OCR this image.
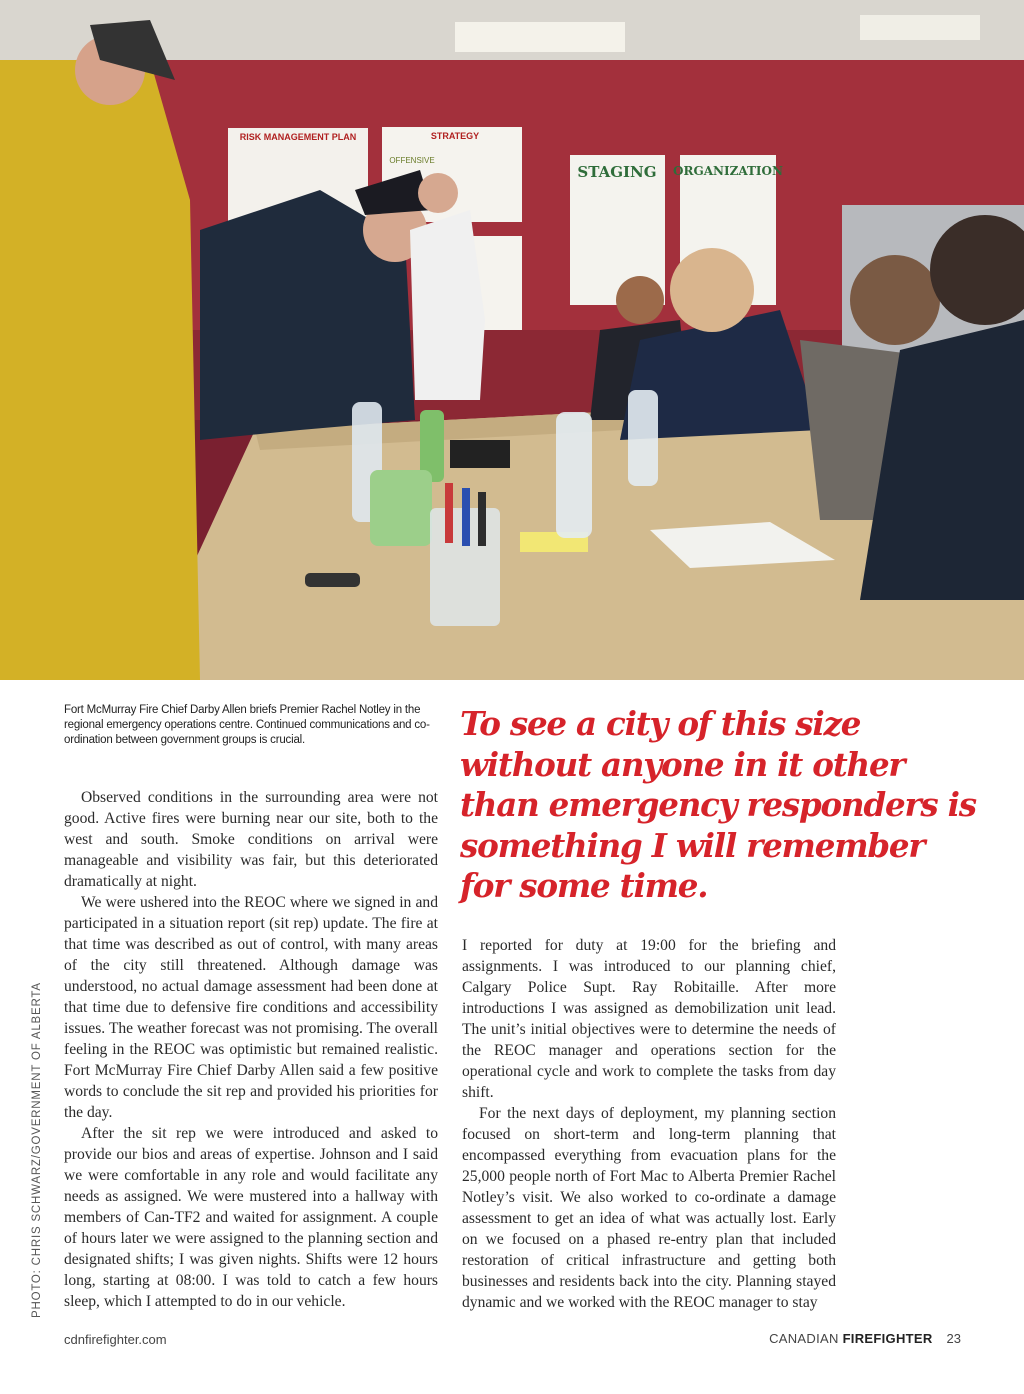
RISK MANAGEMENT PLAN	STRATEGY
OFFENSIVE
STAGING ORGANIZATION
Fort McMurray Fire Chief Darby Allen briefs Premier Rachel Notley in the regional emergency operations centre. Continued communications and co-ordination between government groups is crucial.	To see a city of this size without anyone in it other than emergency responders is something I will remember for some time.

Observed conditions in the surrounding area were not good. Active fires were burning near our site, both to the west and south. Smoke conditions on arrival were manageable and visibility was fair, but this deteriorated dramatically at night.

We were ushered into the REOC where we signed in and participated in a situation report (sit rep) update. The fire at that time was described as out of control, with many areas of the city still threatened. Although damage was understood, no actual damage assessment had been done at that time due to defensive fire conditions and accessibility issues. The weather forecast was not promising. The overall feeling in the REOC was optimistic but remained realistic. Fort McMurray Fire Chief Darby Allen said a few positive words to conclude the sit rep and provided his priorities for the day.

After the sit rep we were introduced and asked to provide our bios and areas of expertise. Johnson and I said we were comfortable in any role and would facilitate any needs as assigned. We were mustered into a hallway with members of Can-TF2 and waited for assignment. A couple of hours later we were assigned to the planning section and designated shifts; I was given nights. Shifts were 12 hours long, starting at 08:00. I was told to catch a few hours sleep, which I attempted to do in our vehicle.

I reported for duty at 19:00 for the briefing and assignments. I was introduced to our planning chief, Calgary Police Supt. Ray Robitaille. After more introductions I was assigned as demobilization unit lead. The unit’s initial objectives were to determine the needs of the REOC manager and operations section for the operational cycle and work to complete the tasks from day shift.

For the next days of deployment, my planning section focused on short-term and long-term planning that encompassed everything from evacuation plans for the 25,000 people north of Fort Mac to Alberta Premier Rachel Notley’s visit. We also worked to co-ordinate a damage assessment to get an idea of what was actually lost. Early on we focused on a phased re-entry plan that included restoration of critical infrastructure and getting both businesses and residents back into the city. Planning stayed dynamic and we worked with the REOC manager to stay

PHOTO: CHRIS SCHWARZ/GOVERNMENT OF ALBERTA
cdnfirefighter.com	CANADIAN FIREFIGHTER 23
